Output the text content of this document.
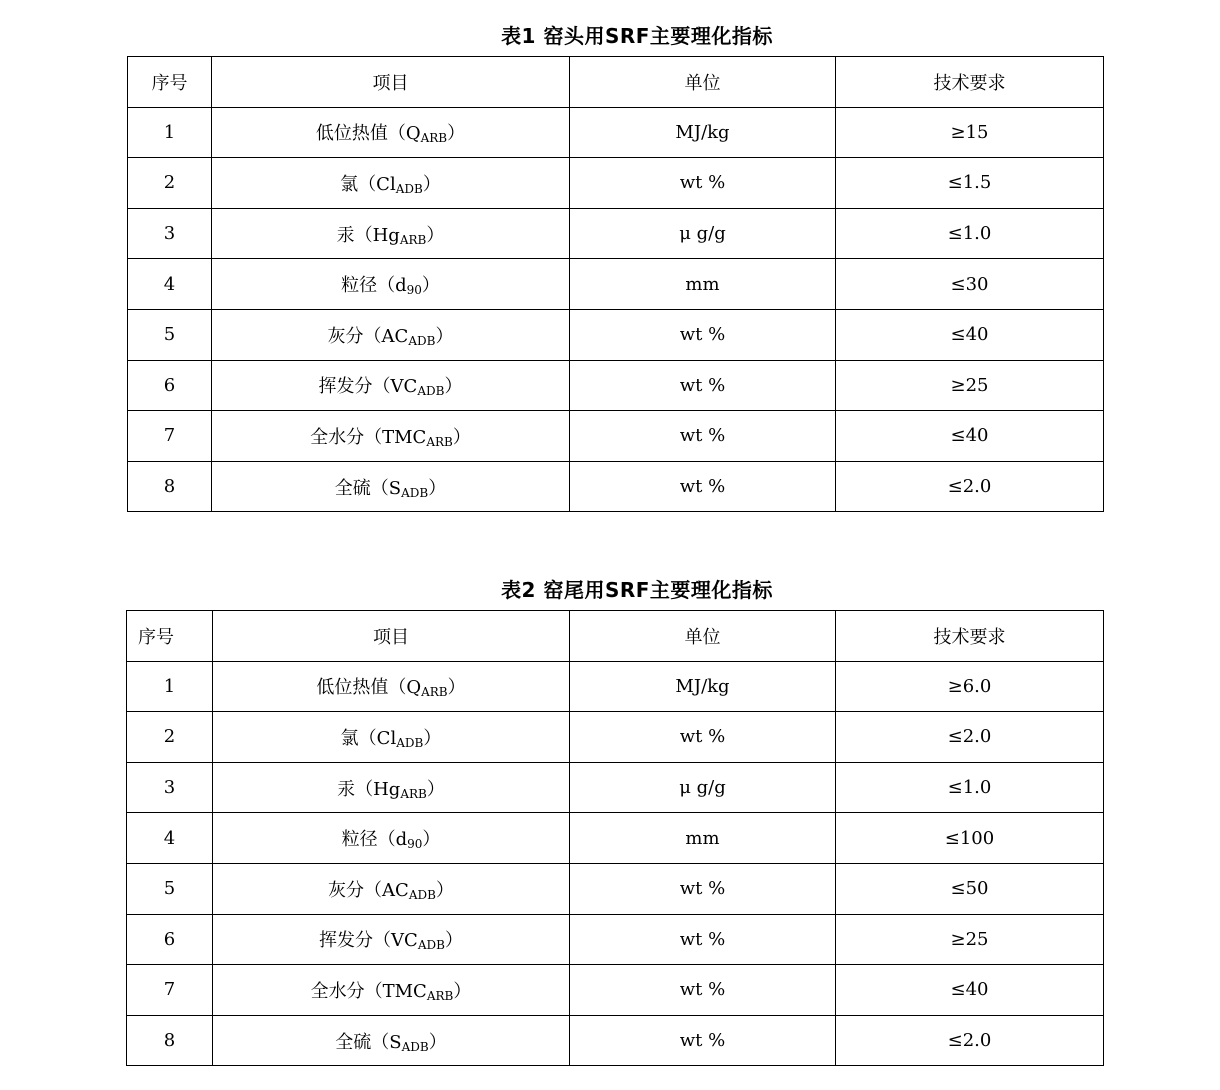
表1 窑头用SRF主要理化指标
序号	项目	单位	技术要求
1	低位热值$(Q_{ARB})$	MJ/kg	≥15
2	氯$(Cl_{ADB})$	wt %	≤1.5
3	汞$(Hg_{ARB})$	μ g/g	≤1.0
4	粒径$(d_{90})$	mm	≤30
5	灰分$(AC_{ADB})$	wt %	≤40
6	挥发分$(VC_{ADB})$	wt %	≥25
7	全水分$(TMC_{ARB})$	wt %	≤40
8	全硫$(S_{ADB})$	wt %	≤2.0
表2 窑尾用SRF主要理化指标
序号	项目	单位	技术要求
1	低位热值$(Q_{ARB})$	MJ/kg	≥6.0
2	氯$(Cl_{ADB})$	wt %	≤2.0
3	汞$(Hg_{ARB})$	μ g/g	≤1.0
4	粒径$(d_{90})$	mm	≤100
5	灰分$(AC_{ADB})$	wt %	≤50
6	挥发分$(VC_{ADB})$	wt %	≥25
7	全水分$(TMC_{ARB})$	wt %	≤40
8	全硫$(S_{ADB})$	wt %	≤2.0
